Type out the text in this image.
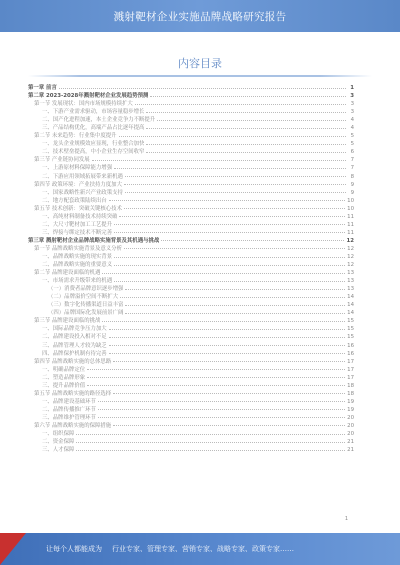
溅射靶材企业实施品牌战略研究报告
内容目录
第一章 前言	1
第二章 2023-2028年溅射靶材企业发展趋势预测	3
第一节 发展现状：国内市场规模持续扩大	3
一、下游产业需求驱动，市场容量稳步增长	3
二、国产化进程加速，本土企业竞争力不断提升	4
三、产品结构优化，高端产品占比逐年提高	4
第二节 未来趋势：行业集中度提升	5
一、龙头企业规模效应显现，行业整合加快	5
二、技术壁垒提高，中小企业生存空间收窄	6
第三节 产业链协同发展	7
一、上游原材料保障能力增强	7
二、下游应用领域拓展带来新机遇	8
第四节 政策环境：产业扶持力度加大	9
一、国家战略性新兴产业政策支持	9
二、地方配套政策陆续出台	10
第五节 技术创新：突破关键核心技术	10
一、高纯材料制备技术持续突破	11
二、大尺寸靶材加工工艺提升	11
三、焊接与绑定技术不断完善	11
第三章 溅射靶材企业品牌战略实施背景及其机遇与挑战	12
第一节 品牌战略实施背景及意义分析	12
一、品牌战略实施的现实背景	12
二、品牌战略实施的重要意义	12
第二节 品牌建设面临的机遇	13
一、市场需求升级带来的机遇	13
（一）消费者品牌意识逐步增强	13
（二）品牌溢价空间不断扩大	14
（三）数字化传播渠道日益丰富	14
（四）品牌国际化发展前景广阔	14
第三节 品牌建设面临的挑战	15
一、国际品牌竞争压力加大	15
二、品牌建设投入相对不足	15
三、品牌管理人才较为缺乏	16
四、品牌保护机制有待完善	16
第四节 品牌战略实施的总体思路	17
一、明确品牌定位	17
二、塑造品牌形象	17
三、提升品牌价值	18
第五节 品牌战略实施的路径选择	18
一、品牌建设基础环节	19
二、品牌传播推广环节	19
三、品牌维护管理环节	20
第六节 品牌战略实施的保障措施	20
一、组织保障	20
二、资金保障	21
三、人才保障	21
1
让每个人都能成为 行业专家、管理专家、营销专家、战略专家、政策专家……
